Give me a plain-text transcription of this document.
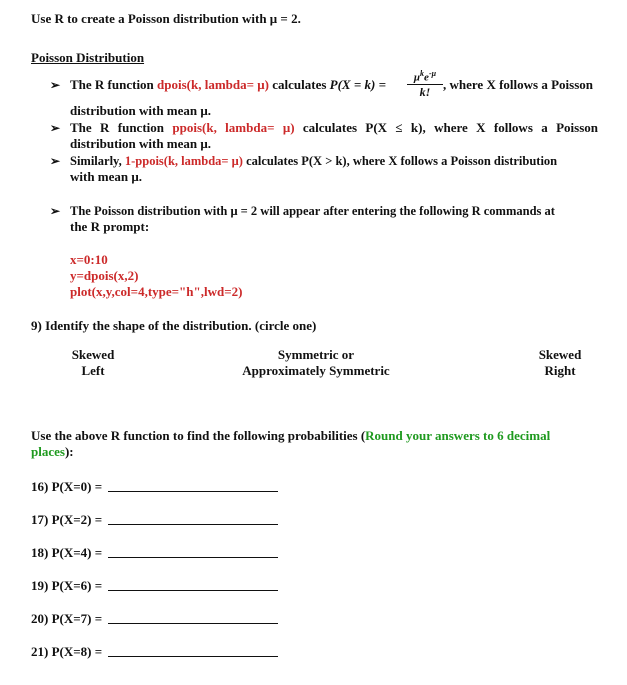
Use R to create a Poisson distribution with μ = 2.
Poisson Distribution
➢ The R function dpois(k, lambda= μ) calculates P(X = k) =	$\mu^ke^{-\mu}$
k! , where X follows a Poisson
distribution with mean μ.
➢ The R function ppois(k, lambda= μ) calculates P(X ≤ k), where X follows a Poisson
distribution with mean μ.
➢ Similarly, 1-ppois(k, lambda= μ) calculates P(X > k), where X follows a Poisson distribution
with mean μ.
➢ The Poisson distribution with μ = 2 will appear after entering the following R commands at
the R prompt:
x=0:10
y=dpois(x,2)
plot(x,y,col=4,type="h",lwd=2)
9) Identify the shape of the distribution. (circle one)
Skewed
Left
Symmetric or
Approximately Symmetric
Skewed
Right
Use the above R function to find the following probabilities (Round your answers to 6 decimal
places):
16) P(X=0) =
17) P(X=2) =
18) P(X=4) =
19) P(X=6) =
20) P(X=7) =
21) P(X=8) =
